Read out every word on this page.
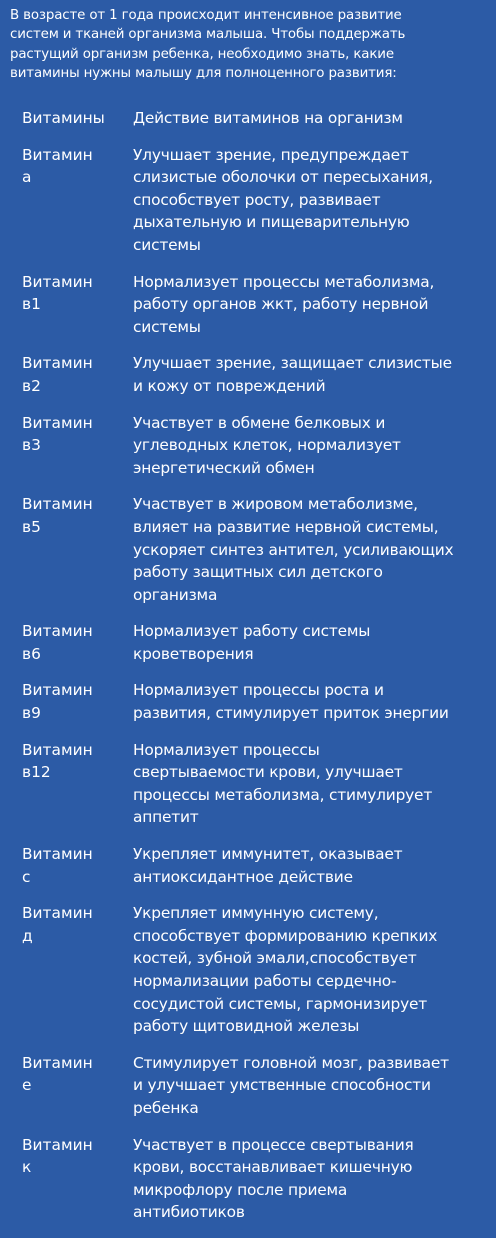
В возрасте от 1 года происходит интенсивное развитие
систем и тканей организма малыша. Чтобы поддержать
растущий организм ребенка, необходимо знать, какие
витамины нужны малышу для полноценного развития:
Витамины	Действие витаминов на организм
Витамин
а
Улучшает зрение, предупреждает
слизистые оболочки от пересыхания,
способствует росту, развивает
дыхательную и пищеварительную
системы
Витамин
в1
Нормализует процессы метаболизма,
работу органов жкт, работу нервной
системы
Витамин
в2
Улучшает зрение, защищает слизистые
и кожу от повреждений
Витамин
в3
Участвует в обмене белковых и
углеводных клеток, нормализует
энергетический обмен
Витамин
в5
Участвует в жировом метаболизме,
влияет на развитие нервной системы,
ускоряет синтез антител, усиливающих
работу защитных сил детского
организма
Витамин
в6
Нормализует работу системы
кроветворения
Витамин
в9
Нормализует процессы роста и
развития, стимулирует приток энергии
Витамин
в12
Нормализует процессы
свертываемости крови, улучшает
процессы метаболизма, стимулирует
аппетит
Витамин
с
Укрепляет иммунитет, оказывает
антиоксидантное действие
Витамин
д
Укрепляет иммунную систему,
способствует формированию крепких
костей, зубной эмали,способствует
нормализации работы сердечно-
сосудистой системы, гармонизирует
работу щитовидной железы
Витамин
е
Стимулирует головной мозг, развивает
и улучшает умственные способности
ребенка
Витамин
к
Участвует в процессе свертывания
крови, восстанавливает кишечную
микрофлору после приема
антибиотиков
